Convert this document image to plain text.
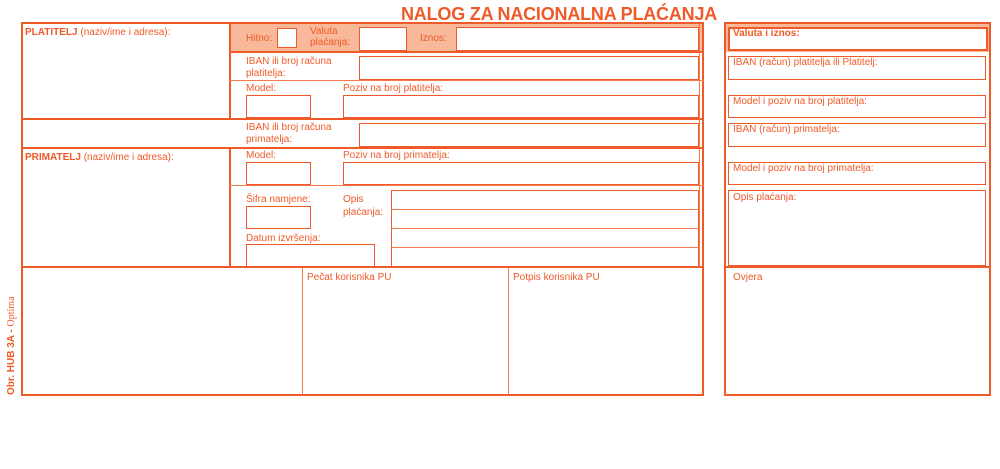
NALOG ZA NACIONALNA PLAĆANJA
Obr. HUB 3A - Optima
PLATITELJ (naziv/ime i adresa):
Hitno:
Valuta
plaćanja:	Iznos:
IBAN ili broj računa
platitelja:
Model:	Poziv na broj platitelja:
IBAN ili broj računa
primatelja:
PRIMATELJ (naziv/ime i adresa):	Model:	Poziv na broj primatelja:
Šifra namjene:
Datum izvršenja:
Opis
plaćanja:
Pečat korisnika PU	Potpis korisnika PU
Valuta i iznos:
IBAN (račun) platitelja ili Platitelj:
Model i poziv na broj platitelja:
IBAN (račun) primatelja:
Model i poziv na broj primatelja:
Opis plaćanja:
Ovjera
